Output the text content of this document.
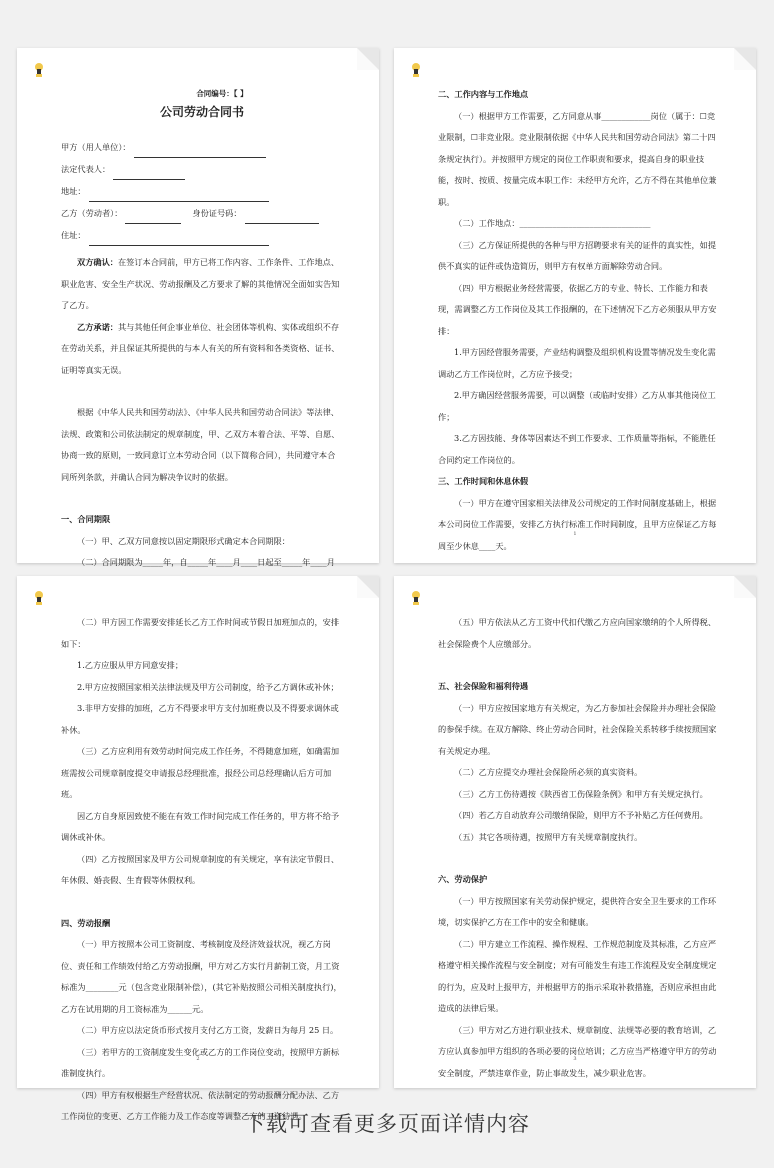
合同编号：【 】
公司劳动合同书
甲方（用人单位）：
法定代表人：
地址：
乙方（劳动者）：	身份证号码：
住址：

双方确认：在签订本合同前，甲方已将工作内容、工作条件、工作地点、职业危害、安全生产状况、劳动报酬及乙方要求了解的其他情况全面如实告知了乙方。

乙方承诺：其与其他任何企事业单位、社会团体等机构、实体或组织不存在劳动关系，并且保证其所提供的与本人有关的所有资料和各类资格、证书、证明等真实无误。

根据《中华人民共和国劳动法》、《中华人民共和国劳动合同法》等法律、法规、政策和公司依法制定的规章制度，甲、乙双方本着合法、平等、自愿、协商一致的原则，一致同意订立本劳动合同（以下简称合同），共同遵守本合同所列条款，并确认合同为解决争议时的依据。

一、合同期限

（一）甲、乙双方同意按以固定期限形式确定本合同期限：

（二）合同期限为_____年，自_____年____月____日起至_____年____月

二、工作内容与工作地点

（一）根据甲方工作需要，乙方同意从事____________岗位（属于：☐竞业限制，☐非竞业限。竞业限制依据《中华人民共和国劳动合同法》第二十四条规定执行）。并按照甲方规定的岗位工作职责和要求，提高自身的职业技能，按时、按质、按量完成本职工作：未经甲方允许，乙方不得在其他单位兼职。

（二）工作地点：________________________________

（三）乙方保证所提供的各种与甲方招聘要求有关的证件的真实性，如提供不真实的证件或伪造简历，则甲方有权单方面解除劳动合同。

（四）甲方根据业务经营需要，依据乙方的专业、特长、工作能力和表现，需调整乙方工作岗位及其工作报酬的，在下述情况下乙方必须服从甲方安排：

1.甲方因经营服务需要，产业结构调整及组织机构设置等情况发生变化需调动乙方工作岗位时，乙方应予接受；

2.甲方确因经营服务需要，可以调整（或临时安排）乙方从事其他岗位工作；

3.乙方因技能、身体等因素达不到工作要求、工作质量等指标，不能胜任合同约定工作岗位的。

三、工作时间和休息休假

（一）甲方在遵守国家相关法律及公司规定的工作时间制度基础上，根据本公司岗位工作需要，安排乙方执行标准工作时间制度，且甲方应保证乙方每周至少休息____天。

1

（二）甲方因工作需要安排延长乙方工作时间或节假日加班加点的，安排如下：

1.乙方应服从甲方同意安排；

2.甲方应按照国家相关法律法规及甲方公司制度，给予乙方调休或补休；

3.非甲方安排的加班，乙方不得要求甲方支付加班费以及不得要求调休或补休。

（三）乙方应利用有效劳动时间完成工作任务，不得随意加班，如确需加班需按公司规章制度提交申请报总经理批准，报经公司总经理确认后方可加班。

因乙方自身原因致使不能在有效工作时间完成工作任务的，甲方将不给予调休或补休。

（四）乙方按照国家及甲方公司规章制度的有关规定，享有法定节假日、年休假、婚丧假、生育假等休假权利。

四、劳动报酬

（一）甲方按照本公司工资制度、考核制度及经济效益状况，视乙方岗位、责任和工作绩效付给乙方劳动报酬，甲方对乙方实行月薪制工资，月工资标准为________元（包含竞业限制补偿），(其它补贴按照公司相关制度执行)，乙方在试用期的月工资标准为______元。

（二）甲方应以法定货币形式按月支付乙方工资，发薪日为每月 25 日。

（三）若甲方的工资制度发生变化或乙方的工作岗位变动，按照甲方新标准制度执行。

（四）甲方有权根据生产经营状况、依法制定的劳动报酬分配办法、乙方工作岗位的变更、乙方工作能力及工作态度等调整乙方的工资待遇。

2

（五）甲方依法从乙方工资中代扣代缴乙方应向国家缴纳的个人所得税、社会保险费个人应缴部分。

五、社会保险和福利待遇

（一）甲方应按国家地方有关规定，为乙方参加社会保险并办理社会保险的参保手续。在双方解除、终止劳动合同时，社会保险关系转移手续按照国家有关规定办理。

（二）乙方应提交办理社会保险所必须的真实资料。

（三）乙方工伤待遇按《陕西省工伤保险条例》和甲方有关规定执行。

（四）若乙方自动放弃公司缴纳保险，则甲方不予补贴乙方任何费用。

（五）其它各项待遇，按照甲方有关规章制度执行。

六、劳动保护

（一）甲方按照国家有关劳动保护规定，提供符合安全卫生要求的工作环境，切实保护乙方在工作中的安全和健康。

（二）甲方建立工作流程、操作规程、工作规范制度及其标准，乙方应严格遵守相关操作流程与安全制度；对有可能发生有违工作流程及安全制度规定的行为，应及时上报甲方，并根据甲方的指示采取补救措施，否则应承担由此造成的法律后果。

（三）甲方对乙方进行职业技术、规章制度、法规等必要的教育培训，乙方应认真参加甲方组织的各项必要的岗位培训；乙方应当严格遵守甲方的劳动安全制度，严禁违章作业，防止事故发生，减少职业危害。

3
下载可查看更多页面详情内容
